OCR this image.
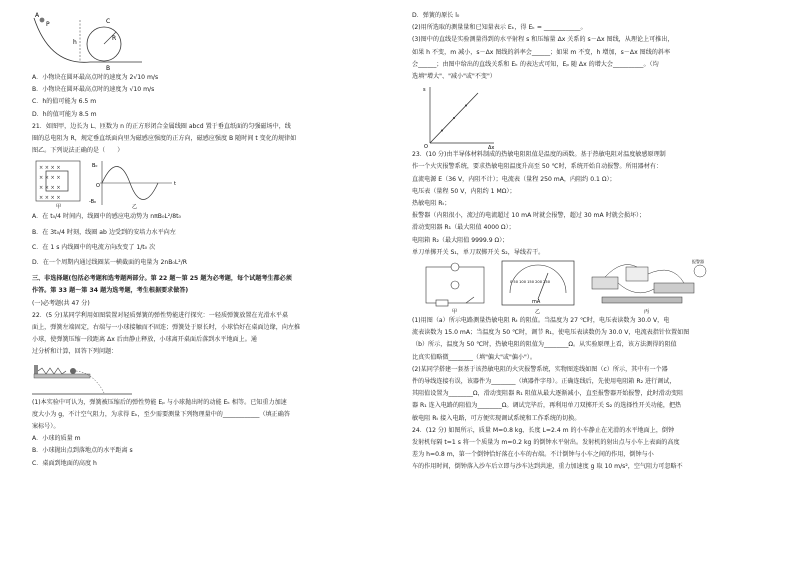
A
P	C
B
h
R
A．小物块在圆环最高点时的速度为 2√10 m/s
B．小物块在圆环最高点时的速度为 √10 m/s
C．h的值可能为 6.5 m
D．h的值可能为 8.5 m
21．如图甲，边长为 L、匝数为 n 的正方形闭合金属线圈 abcd 置于垂直纸面的匀强磁场中，线
圈的总电阻为 R，规定垂直纸面向里为磁感应强度的正方向，磁感应强度 B 随时间 t 变化的规律如
图乙。下列说法正确的是（　　）
× × × ×
× × × ×
× × × ×
× × × ×
甲
B₀
-B₀
t
O
乙
A．在 t₀/4 时间内，线圈中的感应电动势为 nπB₀L²/8t₀
B．在 3t₀/4 时刻，线圈 ab 边受到的安培力水平向左
C．在 1 s 内线圈中的电流方向改变了 1/t₀ 次
D．在一个周期内通过线圈某一横截面的电量为 2nB₀L²/R
三、非选择题(包括必考题和选考题两部分。第 22 题～第 25 题为必考题，每个试题考生都必须
作答。第 33 题～第 34 题为选考题，考生根据要求做答)
(一)必考题(共 47 分)
22．(5 分)某同学利用如图装置对轻质弹簧的弹性势能进行探究：一轻质弹簧放置在光滑水平桌
面上，弹簧左端固定，右端与一小球接触而不固连；弹簧处于原长时，小球恰好在桌面边缘，向左推
小球，使弹簧压缩一段距离 Δx 后由静止释放，小球离开桌面后落到水平地面上。通
过分析和计算，回答下列问题：
(1)本实验中可认为，弹簧被压缩后的弹性势能 Eₚ 与小球抛出时的动能 Eₖ 相等。已知重力加速
度大小为 g，不计空气阻力，为求得 Eₖ，至少需要测量下列物理量中的____________（填正确答
案标号）。
A．小球的质量 m
B．小球抛出点到落地点的水平距离 s
C．桌面到地面的高度 h
D．弹簧的原长 l₀
(2)用所选取的测量量和已知量表示 Eₖ，得 Eₖ = ____________。
(3)图中的直线是实验测量得到的水平射程 s 和压缩量 Δx 关系的 s－Δx 图线，从理论上可推出，
如果 h 不变，m 减小，s－Δx 图线的斜率会______；如果 m 不变，h 增加，s－Δx 图线的斜率
会______；由图中给出的直线关系和 Eₖ 的表达式可知，Eₚ 随 Δx 的增大会__________。（均
选填"增大"、"减小"或"不变"）
s
O	Δx
23．(10 分)由半导体材料制成的热敏电阻阻值是温度的函数。基于热敏电阻对温度敏感原理制
作一个火灾报警系统，要求热敏电阻温度升高至 50 ℃时，系统开始自动报警。所用器材有：
直流电源 E（36 V，内阻不计）；电流表（量程 250 mA，内阻约 0.1 Ω）；
电压表（量程 50 V，内阻约 1 MΩ）；
热敏电阻 Rₜ；
报警器（内阻很小，流过的电流超过 10 mA 时就会报警，超过 30 mA 时就会损坏）；
滑动变阻器 R₁（最大阻值 4000 Ω）；
电阻箱 R₂（最大阻值 9999.9 Ω）；
单刀单掷开关 S₁，单刀双掷开关 S₂，导线若干。
甲
0 50 100 150 200 250
mA
乙
报警器
丙
(1)用图（a）所示电路测量热敏电阻 Rₜ 的阻值。当温度为 27 ℃时，电压表读数为 30.0 V，电
流表读数为 15.0 mA；当温度为 50 ℃时，调节 R₁，使电压表读数仍为 30.0 V，电流表指针位置如图
（b）所示，温度为 50 ℃时，热敏电阻的阻值为________Ω。从实验原理上看，该方法测得的阻值
比真实值略微________（填"偏大"或"偏小"）。
(2)某同学搭建一套基于该热敏电阻的火灾报警系统，实物图连线如图（c）所示，其中有一个器
件的导线连接有误，该器件为________（填器件字母）。正确连线后，先使用电阻箱 R₂ 进行调试，
其阻值设置为________Ω，滑动变阻器 R₁ 阻值从最大逐渐减小，直至报警器开始报警，此时滑动变阻
器 R₁ 连入电路的阻值为________Ω。调试完毕后，再利用单刀双掷开关 S₂ 的选择性开关功能，把热
敏电阻 Rₜ 接入电路，可方便实现调试系统和工作系统的切换。
24．(12 分) 如图所示，质量 M=0.8 kg、长度 L=2.4 m 的小车静止在光滑的水平地面上，倒钟
发射机每隔 t=1 s 将一个质量为 m=0.2 kg 的倒钟水平射出。发射机的射出点与小车上表面的高度
差为 h=0.8 m，第一个倒钟恰好落在小车的右端。不计倒钟与小车之间的作用，倒钟与小
车的作用时间，倒钟落入沙车后立即与沙车达到共速，重力加速度 g 取 10 m/s²，空气阻力可忽略不
